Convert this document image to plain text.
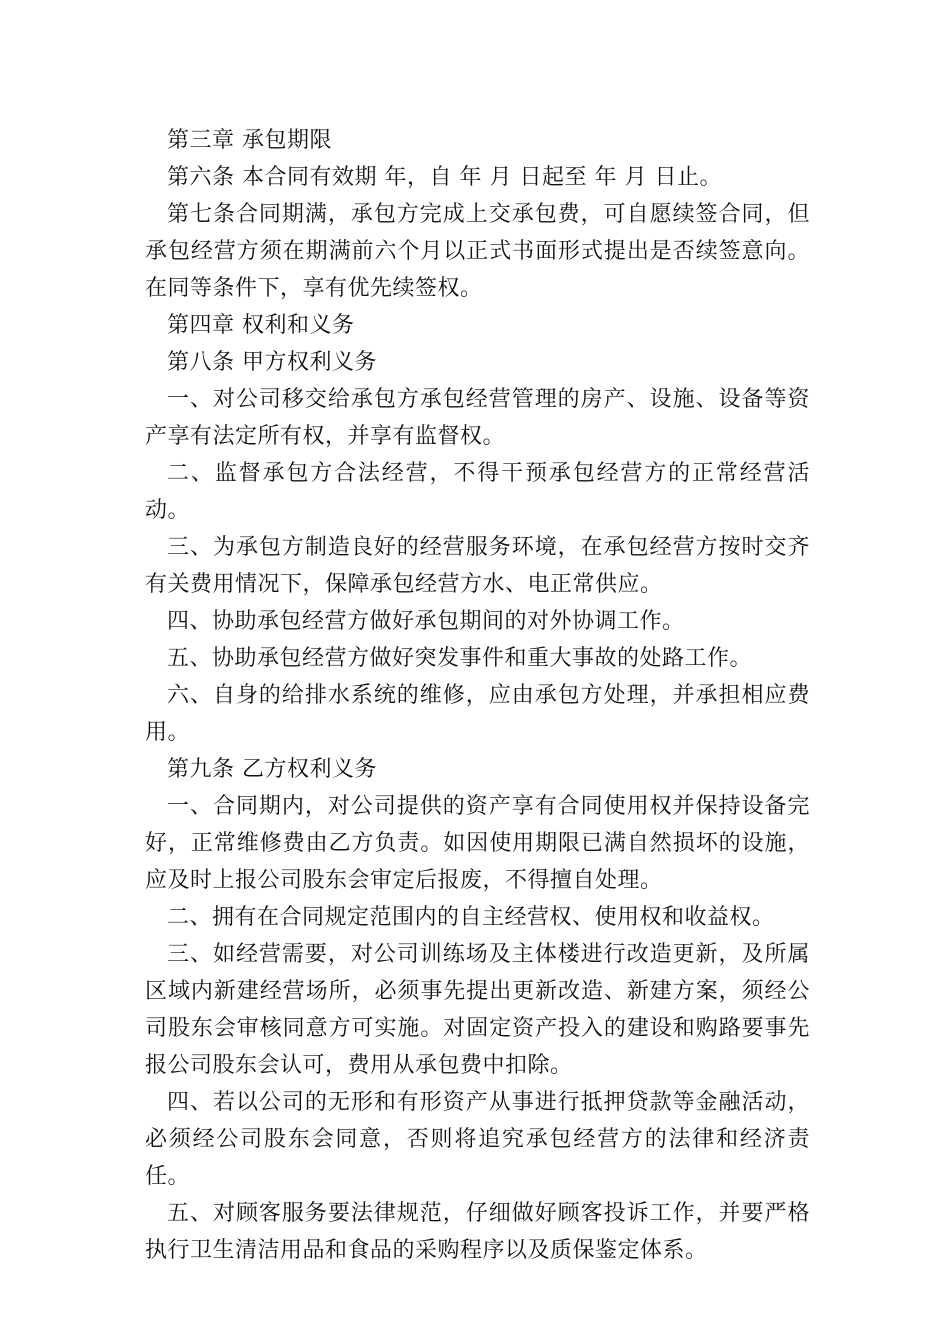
第三章 承包期限

第六条 本合同有效期 年，自 年 月 日起至 年 月 日止。

第七条合同期满，承包方完成上交承包费，可自愿续签合同，但承包经营方须在期满前六个月以正式书面形式提出是否续签意向。在同等条件下，享有优先续签权。

第四章 权利和义务

第八条 甲方权利义务

一、对公司移交给承包方承包经营管理的房产、设施、设备等资产享有法定所有权，并享有监督权。

二、监督承包方合法经营，不得干预承包经营方的正常经营活动。

三、为承包方制造良好的经营服务环境，在承包经营方按时交齐有关费用情况下，保障承包经营方水、电正常供应。

四、协助承包经营方做好承包期间的对外协调工作。

五、协助承包经营方做好突发事件和重大事故的处路工作。

六、自身的给排水系统的维修，应由承包方处理，并承担相应费用。

第九条 乙方权利义务

一、合同期内，对公司提供的资产享有合同使用权并保持设备完好，正常维修费由乙方负责。如因使用期限已满自然损坏的设施，应及时上报公司股东会审定后报废，不得擅自处理。

二、拥有在合同规定范围内的自主经营权、使用权和收益权。

三、如经营需要，对公司训练场及主体楼进行改造更新，及所属区域内新建经营场所，必须事先提出更新改造、新建方案，须经公司股东会审核同意方可实施。对固定资产投入的建设和购路要事先报公司股东会认可，费用从承包费中扣除。

四、若以公司的无形和有形资产从事进行抵押贷款等金融活动，必须经公司股东会同意，否则将追究承包经营方的法律和经济责任。

五、对顾客服务要法律规范，仔细做好顾客投诉工作，并要严格执行卫生清洁用品和食品的采购程序以及质保鉴定体系。
